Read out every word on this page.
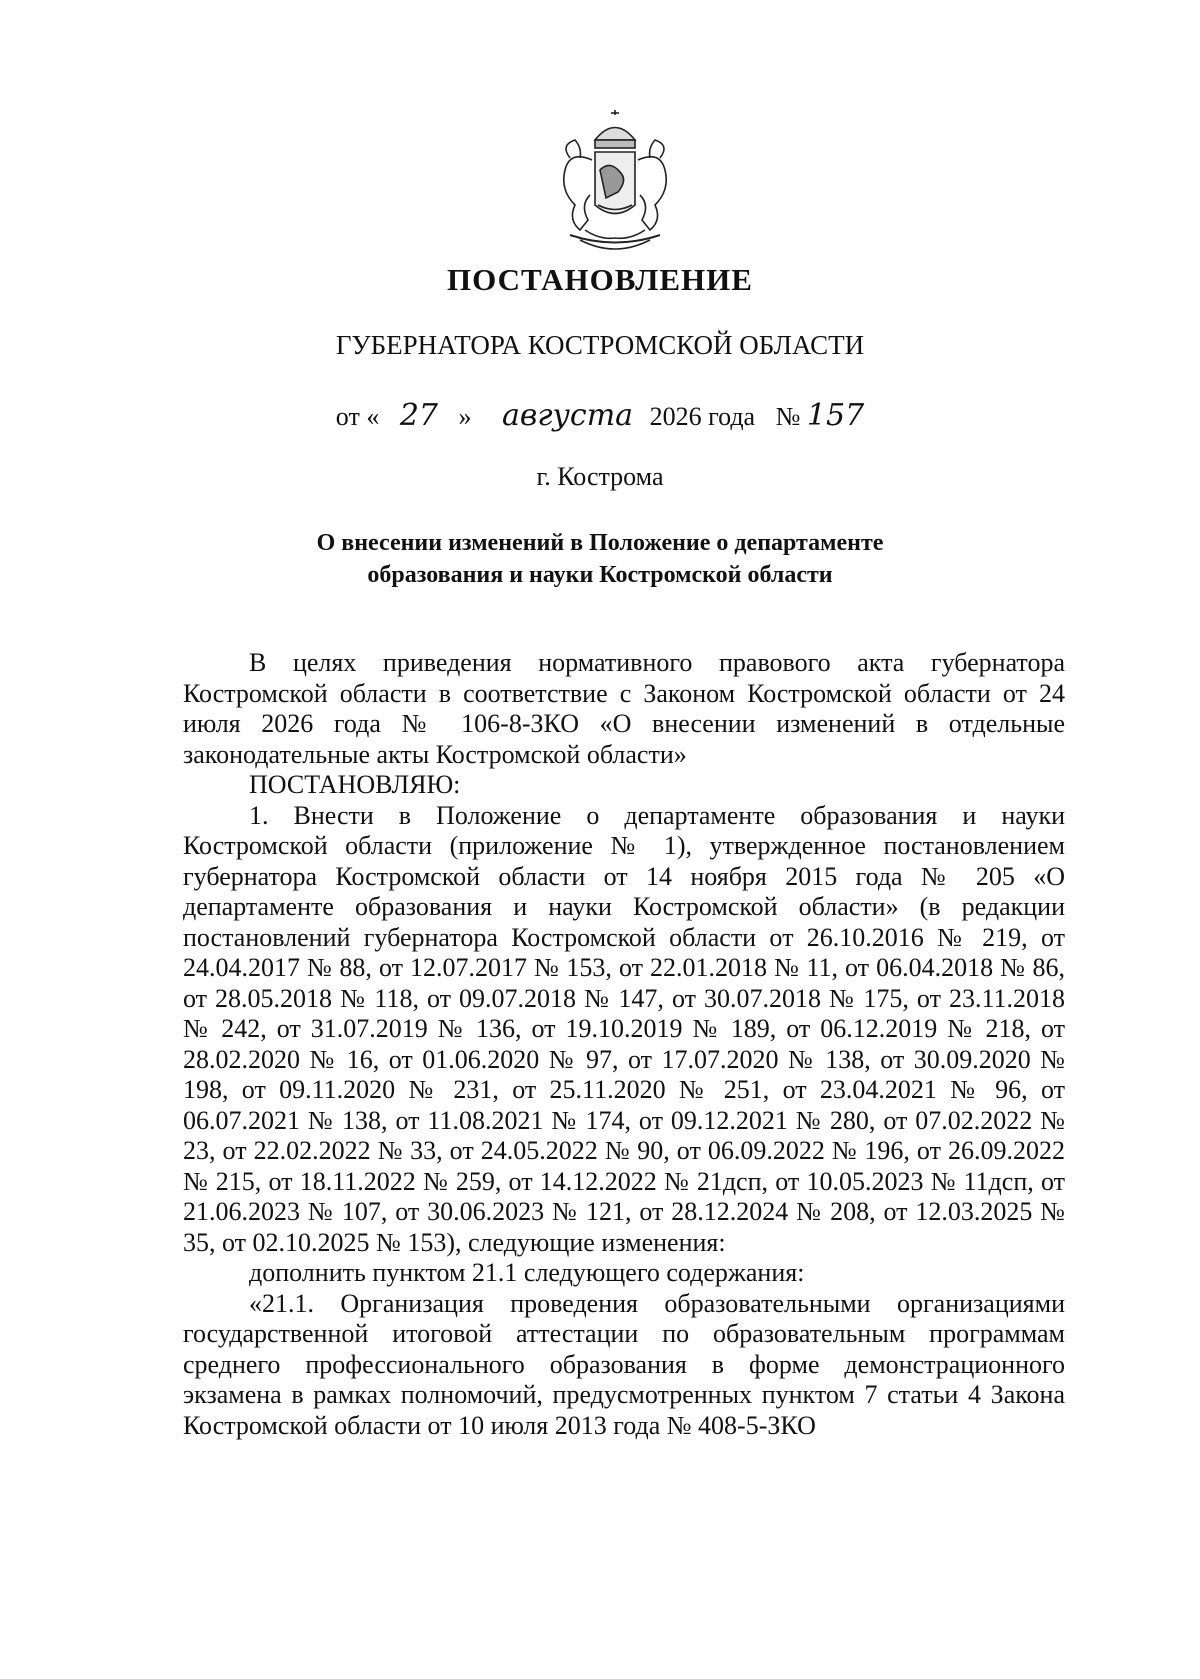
ПОСТАНОВЛЕНИЕ
ГУБЕРНАТОРА КОСТРОМСКОЙ ОБЛАСТИ
от « 27 » августа 2026 года № 157
г. Кострома
О внесении изменений в Положение о департаменте
образования и науки Костромской области

В целях приведения нормативного правового акта губернатора Костромской области в соответствие с Законом Костромской области от 24 июля 2026 года № 106-8-ЗКО «О внесении изменений в отдельные законодательные акты Костромской области»

ПОСТАНОВЛЯЮ:

1. Внести в Положение о департаменте образования и науки Костромской области (приложение № 1), утвержденное постановлением губернатора Костромской области от 14 ноября 2015 года № 205 «О департаменте образования и науки Костромской области» (в редакции постановлений губернатора Костромской области от 26.10.2016 № 219, от 24.04.2017 № 88, от 12.07.2017 № 153, от 22.01.2018 № 11, от 06.04.2018 № 86, от 28.05.2018 № 118, от 09.07.2018 № 147, от 30.07.2018 № 175, от 23.11.2018 № 242, от 31.07.2019 № 136, от 19.10.2019 № 189, от 06.12.2019 № 218, от 28.02.2020 № 16, от 01.06.2020 № 97, от 17.07.2020 № 138, от 30.09.2020 № 198, от 09.11.2020 № 231, от 25.11.2020 № 251, от 23.04.2021 № 96, от 06.07.2021 № 138, от 11.08.2021 № 174, от 09.12.2021 № 280, от 07.02.2022 № 23, от 22.02.2022 № 33, от 24.05.2022 № 90, от 06.09.2022 № 196, от 26.09.2022 № 215, от 18.11.2022 № 259, от 14.12.2022 № 21дсп, от 10.05.2023 № 11дсп, от 21.06.2023 № 107, от 30.06.2023 № 121, от 28.12.2024 № 208, от 12.03.2025 № 35, от 02.10.2025 № 153), следующие изменения:

дополнить пунктом 21.1 следующего содержания:

«21.1. Организация проведения образовательными организациями государственной итоговой аттестации по образовательным программам среднего профессионального образования в форме демонстрационного экзамена в рамках полномочий, предусмотренных пунктом 7 статьи 4 Закона Костромской области от 10 июля 2013 года № 408-5-ЗКО
